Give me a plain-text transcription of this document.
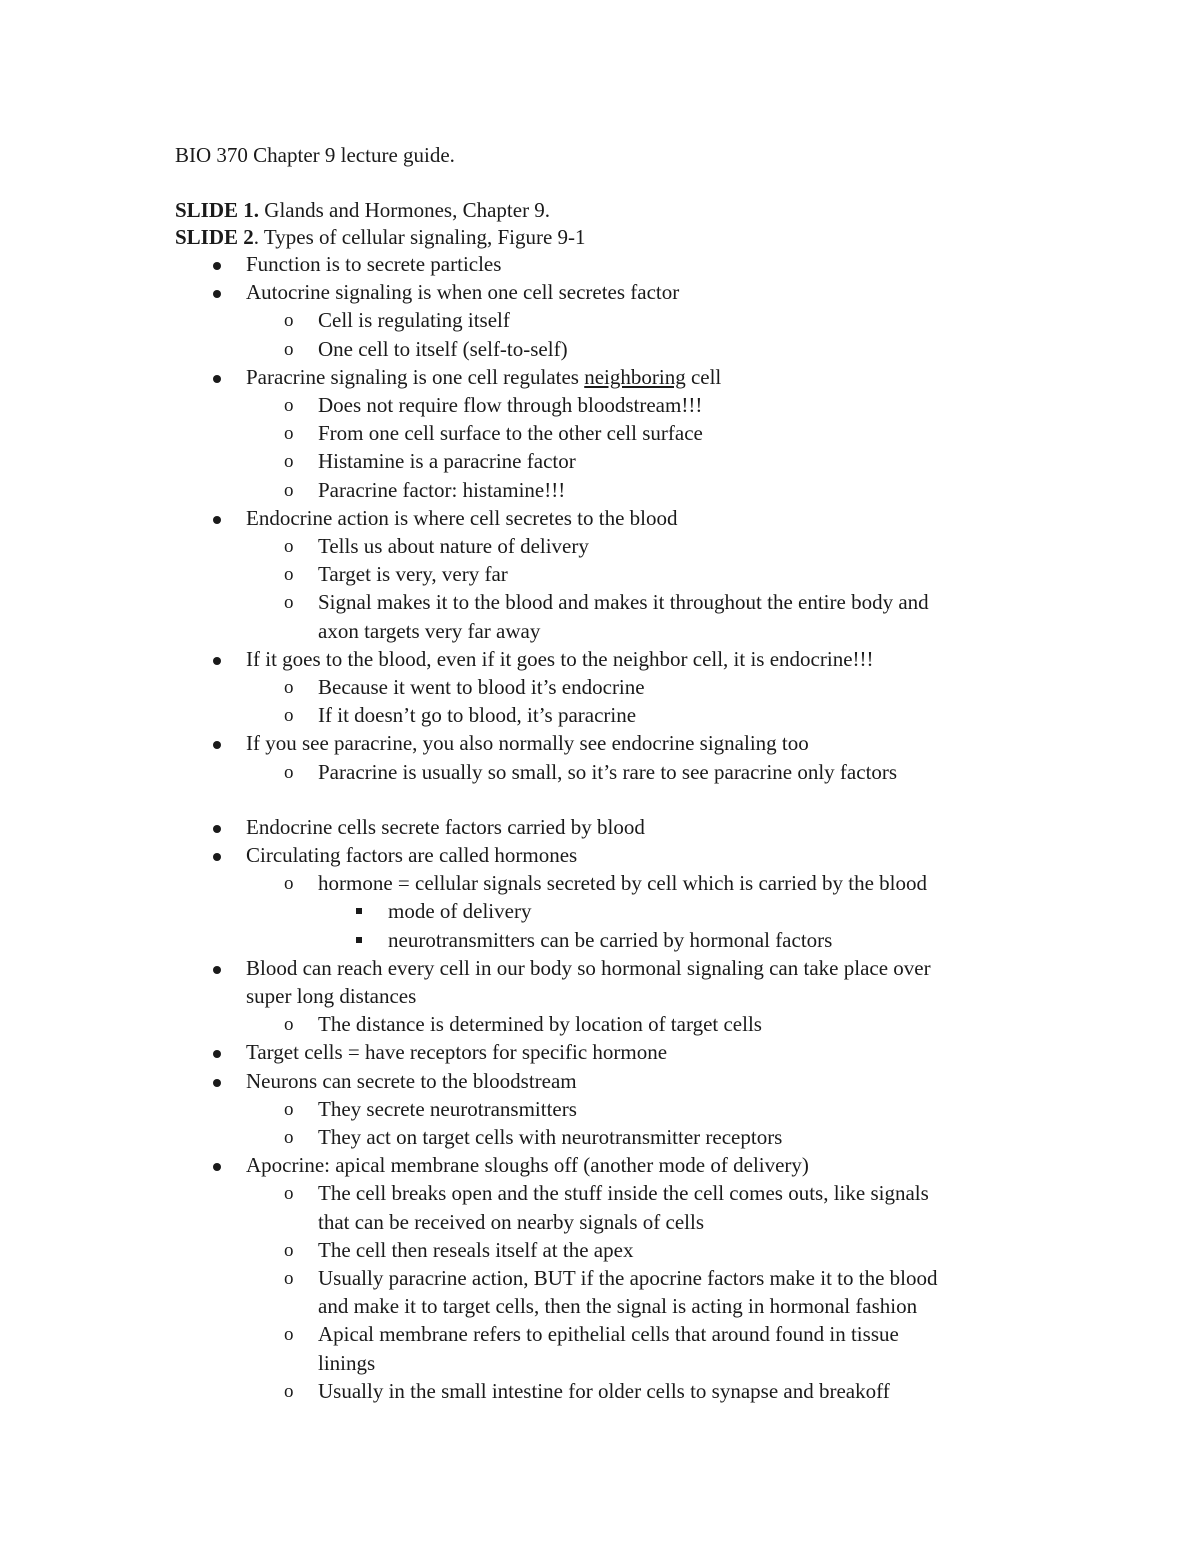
BIO 370 Chapter 9 lecture guide.
SLIDE 1. Glands and Hormones, Chapter 9.
SLIDE 2. Types of cellular signaling, Figure 9-1
Function is to secrete particles
Autocrine signaling is when one cell secretes factor
o Cell is regulating itself
o One cell to itself (self-to-self)
Paracrine signaling is one cell regulates neighboring cell
o Does not require flow through bloodstream!!!
o From one cell surface to the other cell surface
o Histamine is a paracrine factor
o Paracrine factor: histamine!!!
Endocrine action is where cell secretes to the blood
o Tells us about nature of delivery
o Target is very, very far
o Signal makes it to the blood and makes it throughout the entire body and
axon targets very far away
If it goes to the blood, even if it goes to the neighbor cell, it is endocrine!!!
o Because it went to blood it’s endocrine
o If it doesn’t go to blood, it’s paracrine
If you see paracrine, you also normally see endocrine signaling too
o Paracrine is usually so small, so it’s rare to see paracrine only factors
Endocrine cells secrete factors carried by blood
Circulating factors are called hormones
o hormone = cellular signals secreted by cell which is carried by the blood
mode of delivery
neurotransmitters can be carried by hormonal factors
Blood can reach every cell in our body so hormonal signaling can take place over
super long distances
o The distance is determined by location of target cells
Target cells = have receptors for specific hormone
Neurons can secrete to the bloodstream
o They secrete neurotransmitters
o They act on target cells with neurotransmitter receptors
Apocrine: apical membrane sloughs off (another mode of delivery)
o The cell breaks open and the stuff inside the cell comes outs, like signals
that can be received on nearby signals of cells
o The cell then reseals itself at the apex
o Usually paracrine action, BUT if the apocrine factors make it to the blood
and make it to target cells, then the signal is acting in hormonal fashion
o Apical membrane refers to epithelial cells that around found in tissue
linings
o Usually in the small intestine for older cells to synapse and breakoff
